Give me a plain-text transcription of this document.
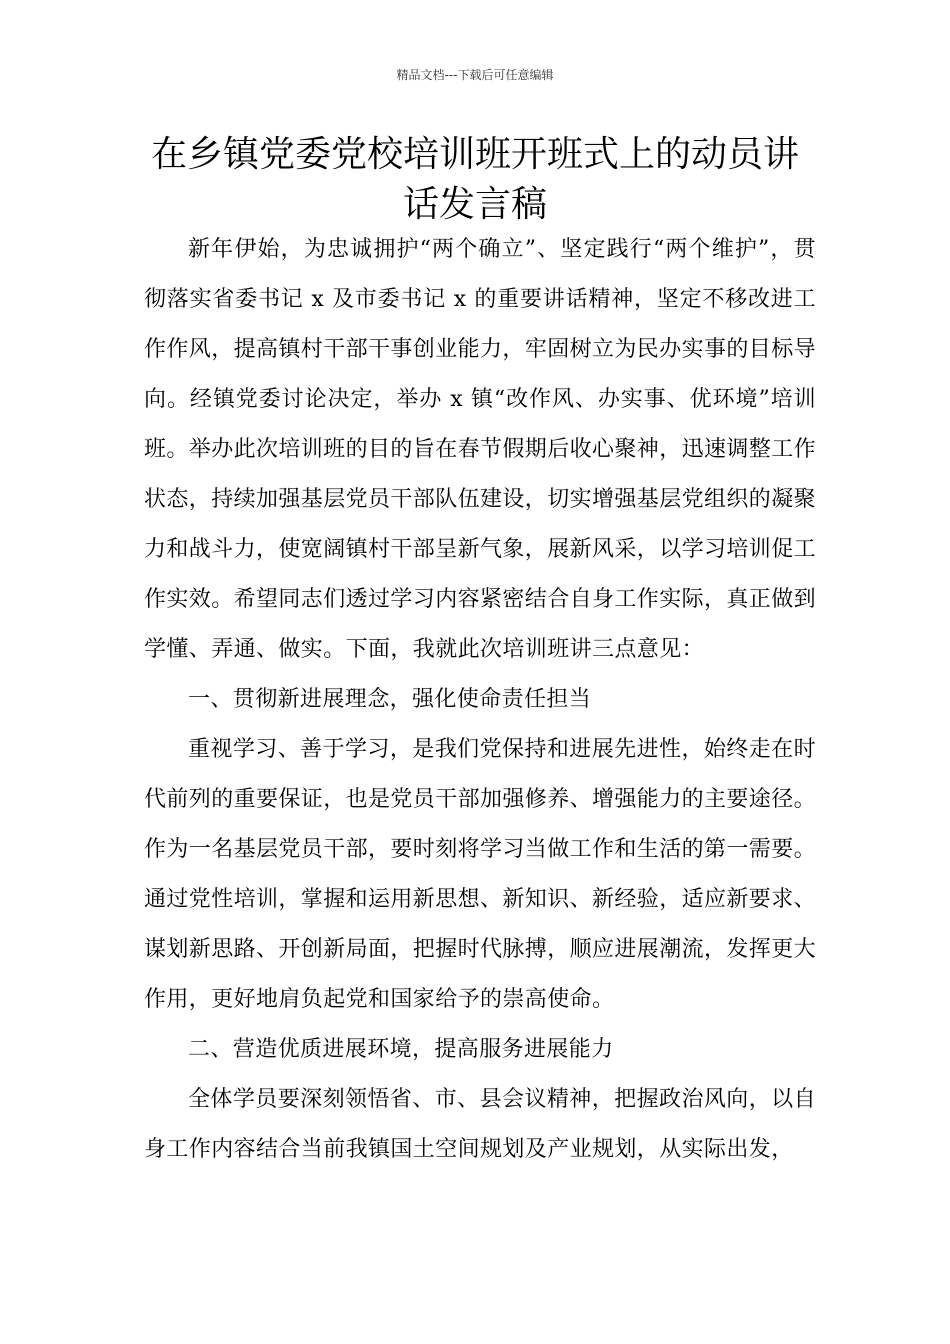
精品文档---下载后可任意编辑
在乡镇党委党校培训班开班式上的动员讲话发言稿

新年伊始，为忠诚拥护“两个确立”、坚定践行“两个维护”，贯彻落实省委书记 x 及市委书记 x 的重要讲话精神，坚定不移改进工作作风，提高镇村干部干事创业能力，牢固树立为民办实事的目标导向。经镇党委讨论决定，举办 x 镇“改作风、办实事、优环境”培训班。举办此次培训班的目的旨在春节假期后收心聚神，迅速调整工作状态，持续加强基层党员干部队伍建设，切实增强基层党组织的凝聚力和战斗力，使宽阔镇村干部呈新气象，展新风采，以学习培训促工作实效。希望同志们透过学习内容紧密结合自身工作实际，真正做到学懂、弄通、做实。下面，我就此次培训班讲三点意见：

一、贯彻新进展理念，强化使命责任担当

重视学习、善于学习，是我们党保持和进展先进性，始终走在时代前列的重要保证，也是党员干部加强修养、增强能力的主要途径。作为一名基层党员干部，要时刻将学习当做工作和生活的第一需要。通过党性培训，掌握和运用新思想、新知识、新经验，适应新要求、谋划新思路、开创新局面，把握时代脉搏，顺应进展潮流，发挥更大作用，更好地肩负起党和国家给予的崇高使命。

二、营造优质进展环境，提高服务进展能力

全体学员要深刻领悟省、市、县会议精神，把握政治风向，以自身工作内容结合当前我镇国土空间规划及产业规划，从实际出发，
